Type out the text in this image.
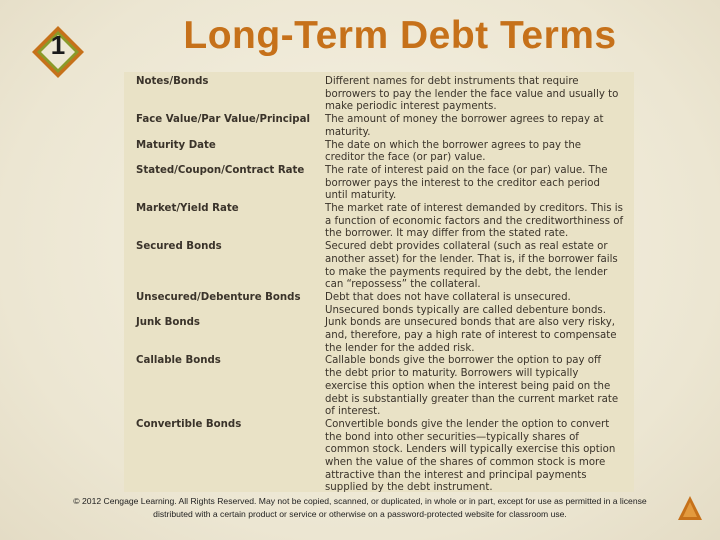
1	Long-Term Debt Terms
Notes/Bonds	Different names for debt instruments that require
borrowers to pay the lender the face value and usually to
make periodic interest payments.
Face Value/Par Value/Principal	The amount of money the borrower agrees to repay at
maturity.
Maturity Date	The date on which the borrower agrees to pay the
creditor the face (or par) value.
Stated/Coupon/Contract Rate	The rate of interest paid on the face (or par) value. The
borrower pays the interest to the creditor each period
until maturity.
Market/Yield Rate	The market rate of interest demanded by creditors. This is
a function of economic factors and the creditworthiness of
the borrower. It may differ from the stated rate.
Secured Bonds	Secured debt provides collateral (such as real estate or
another asset) for the lender. That is, if the borrower fails
to make the payments required by the debt, the lender
can “repossess” the collateral.
Unsecured/Debenture Bonds	Debt that does not have collateral is unsecured.
Unsecured bonds typically are called debenture bonds.
Junk Bonds	Junk bonds are unsecured bonds that are also very risky,
and, therefore, pay a high rate of interest to compensate
the lender for the added risk.
Callable Bonds	Callable bonds give the borrower the option to pay off
the debt prior to maturity. Borrowers will typically
exercise this option when the interest being paid on the
debt is substantially greater than the current market rate
of interest.
Convertible Bonds	Convertible bonds give the lender the option to convert
the bond into other securities—typically shares of
common stock. Lenders will typically exercise this option
when the value of the shares of common stock is more
attractive than the interest and principal payments
supplied by the debt instrument.
© 2012 Cengage Learning. All Rights Reserved. May not be copied, scanned, or duplicated, in whole or in part, except for use as permitted in a license
distributed with a certain product or service or otherwise on a password-protected website for classroom use.
